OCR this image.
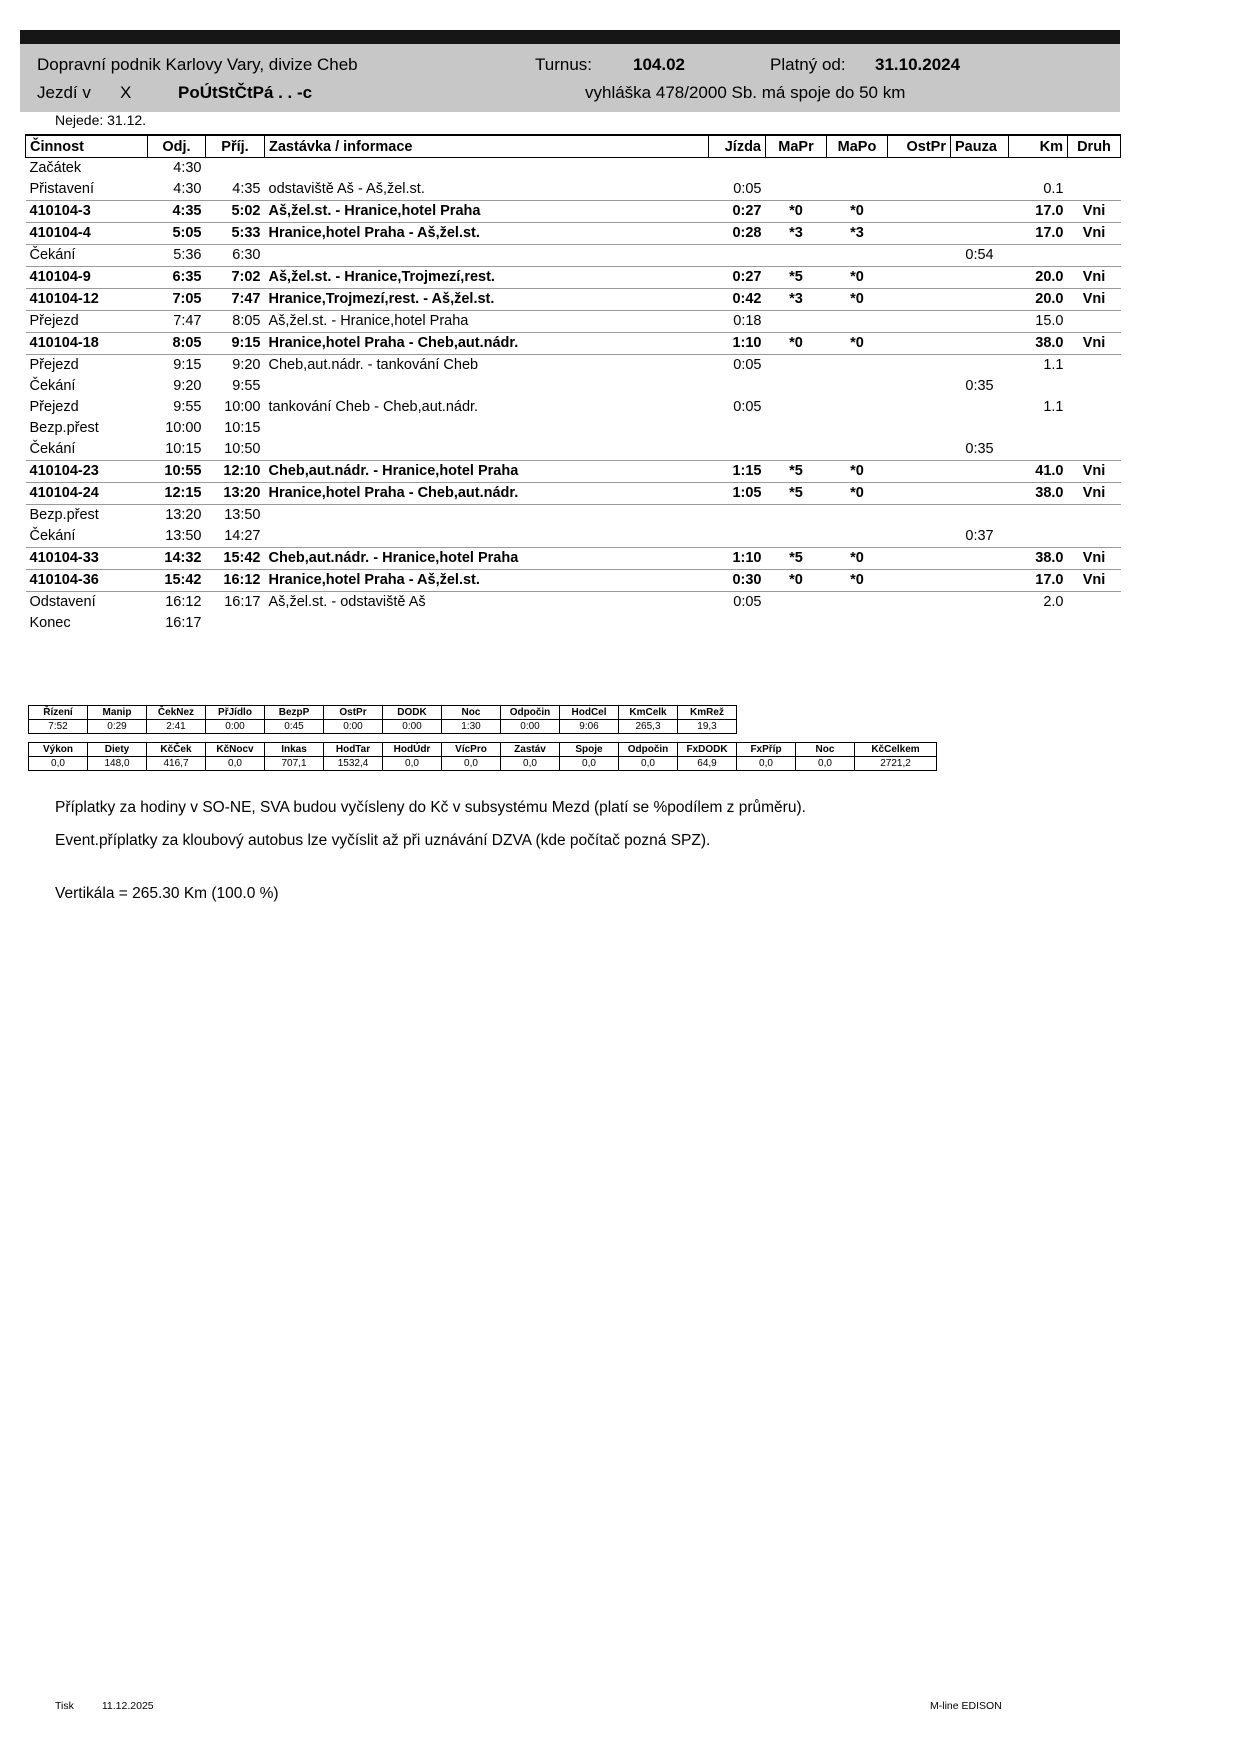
Dopravní podnik Karlovy Vary, divize Cheb	Turnus: 104.02	Platný od: 31.10.2024
Jezdí v X	PoÚtStČtPá . . -c	vyhláška 478/2000 Sb. má spoje do 50 km
Nejede: 31.12.
Činnost	Odj.	Příj.	Zastávka / informace	Jízda	MaPr	MaPo	OstPr	Pauza	Km	Druh
Začátek	4:30									
Přistavení	4:30	4:35	odstaviště Aš - Aš,žel.st.	0:05					0.1	
410104-3	4:35	5:02	Aš,žel.st. - Hranice,hotel Praha	0:27	*0	*0			17.0	Vni
410104-4	5:05	5:33	Hranice,hotel Praha - Aš,žel.st.	0:28	*3	*3			17.0	Vni
Čekání	5:36	6:30						0:54		
410104-9	6:35	7:02	Aš,žel.st. - Hranice,Trojmezí,rest.	0:27	*5	*0			20.0	Vni
410104-12	7:05	7:47	Hranice,Trojmezí,rest. - Aš,žel.st.	0:42	*3	*0			20.0	Vni
Přejezd	7:47	8:05	Aš,žel.st. - Hranice,hotel Praha	0:18					15.0	
410104-18	8:05	9:15	Hranice,hotel Praha - Cheb,aut.nádr.	1:10	*0	*0			38.0	Vni
Přejezd	9:15	9:20	Cheb,aut.nádr. - tankování Cheb	0:05					1.1	
Čekání	9:20	9:55						0:35		
Přejezd	9:55	10:00	tankování Cheb - Cheb,aut.nádr.	0:05					1.1	
Bezp.přest	10:00	10:15								
Čekání	10:15	10:50						0:35		
410104-23	10:55	12:10	Cheb,aut.nádr. - Hranice,hotel Praha	1:15	*5	*0			41.0	Vni
410104-24	12:15	13:20	Hranice,hotel Praha - Cheb,aut.nádr.	1:05	*5	*0			38.0	Vni
Bezp.přest	13:20	13:50								
Čekání	13:50	14:27						0:37		
410104-33	14:32	15:42	Cheb,aut.nádr. - Hranice,hotel Praha	1:10	*5	*0			38.0	Vni
410104-36	15:42	16:12	Hranice,hotel Praha - Aš,žel.st.	0:30	*0	*0			17.0	Vni
Odstavení	16:12	16:17	Aš,žel.st. - odstaviště Aš	0:05					2.0	
Konec	16:17									
Řízení	Manip	ČekNez	PřJídlo	BezpP	OstPr	DODK	Noc	Odpočin	HodCel	KmCelk	KmRež
7:52	0:29	2:41	0:00	0:45	0:00	0:00	1:30	0:00	9:06	265,3	19,3
Výkon	Diety	KčČek	KčNocv	Inkas	HodTar	HodÚdr	VícPro	Zastáv	Spoje	Odpočin	FxDODK	FxPříp	Noc	KčCelkem
0,0	148,0	416,7	0,0	707,1	1532,4	0,0	0,0	0,0	0,0	0,0	64,9	0,0	0,0	2721,2
Příplatky za hodiny v SO-NE, SVA budou vyčísleny do Kč v subsystému Mezd (platí se %podílem z průměru).
Event.příplatky za kloubový autobus lze vyčíslit až při uznávání DZVA (kde počítač pozná SPZ).
Vertikála = 265.30 Km (100.0 %)
Tisk	11.12.2025	M-line EDISON
